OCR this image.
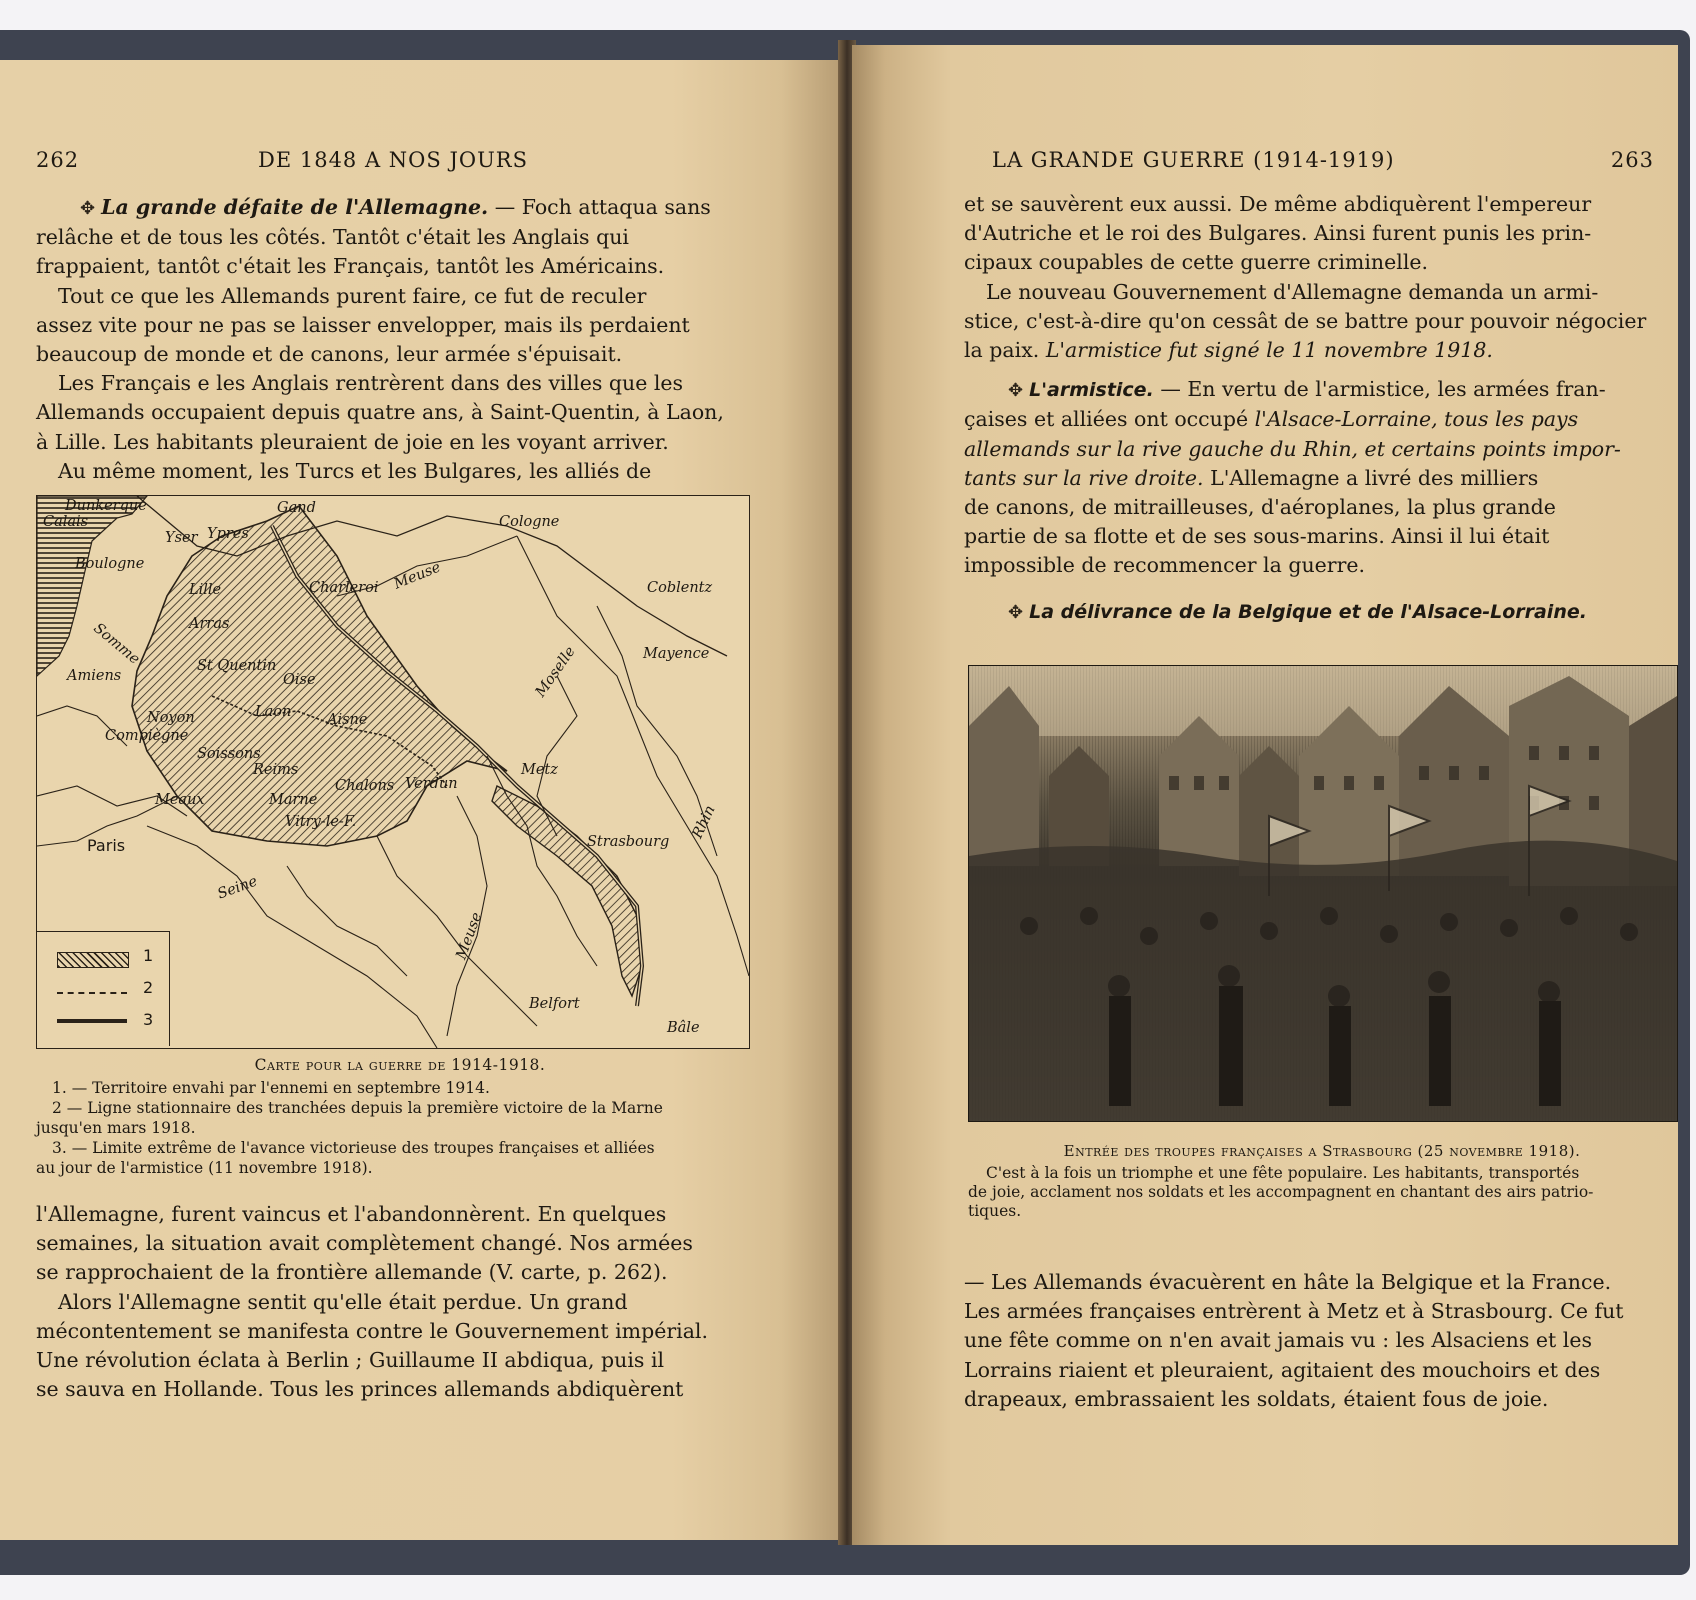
262	DE 1848 A NOS JOURS	LA GRANDE GUERRE (1914-1919)	263

✥ La grande défaite de l'Allemagne. — Foch attaqua sans

relâche et de tous les côtés. Tantôt c'était les Anglais qui

frappaient, tantôt c'était les Français, tantôt les Américains.

Tout ce que les Allemands purent faire, ce fut de reculer

assez vite pour ne pas se laisser envelopper, mais ils perdaient

beaucoup de monde et de canons, leur armée s'épuisait.

Les Français e les Anglais rentrèrent dans des villes que les

Allemands occupaient depuis quatre ans, à Saint-Quentin, à Laon,

à Lille. Les habitants pleuraient de joie en les voyant arriver.

Au même moment, les Turcs et les Bulgares, les alliés de

Dunkerque
Calais
Yser Ypres
Gand
Cologne
Boulogne
Lille	Charleroi Meuse	Coblentz
Arras
Somme	St Quentin
Oise	Moselle	Mayence
Amiens
Noyon	Laon Aisne
Compiègne
Soissons
Reims	Metz
Verdun
Meaux	Marne
Chalons
Vitry-le-F.
Paris	Strasbourg
Rhin
Seine
Meuse
Belfort
Bâle
1
2
3
Carte pour la guerre de 1914-1918.
1. — Territoire envahi par l'ennemi en septembre 1914.
2 — Ligne stationnaire des tranchées depuis la première victoire de la Marne
jusqu'en mars 1918.
3. — Limite extrême de l'avance victorieuse des troupes françaises et alliées
au jour de l'armistice (11 novembre 1918).

l'Allemagne, furent vaincus et l'abandonnèrent. En quelques

semaines, la situation avait complètement changé. Nos armées

se rapprochaient de la frontière allemande (V. carte, p. 262).

Alors l'Allemagne sentit qu'elle était perdue. Un grand

mécontentement se manifesta contre le Gouvernement impérial.

Une révolution éclata à Berlin ; Guillaume II abdiqua, puis il

se sauva en Hollande. Tous les princes allemands abdiquèrent

et se sauvèrent eux aussi. De même abdiquèrent l'empereur

d'Autriche et le roi des Bulgares. Ainsi furent punis les prin-

cipaux coupables de cette guerre criminelle.

Le nouveau Gouvernement d'Allemagne demanda un armi-

stice, c'est-à-dire qu'on cessât de se battre pour pouvoir négocier

la paix. L'armistice fut signé le 11 novembre 1918.

✥ L'armistice. — En vertu de l'armistice, les armées fran-

çaises et alliées ont occupé l'Alsace-Lorraine, tous les pays

allemands sur la rive gauche du Rhin, et certains points impor-

tants sur la rive droite. L'Allemagne a livré des milliers

de canons, de mitrailleuses, d'aéroplanes, la plus grande

partie de sa flotte et de ses sous-marins. Ainsi il lui était

impossible de recommencer la guerre.

✥ La délivrance de la Belgique et de l'Alsace-Lorraine.

Entrée des troupes françaises a Strasbourg (25 novembre 1918).
C'est à la fois un triomphe et une fête populaire. Les habitants, transportés
de joie, acclament nos soldats et les accompagnent en chantant des airs patrio-
tiques.

— Les Allemands évacuèrent en hâte la Belgique et la France.

Les armées françaises entrèrent à Metz et à Strasbourg. Ce fut

une fête comme on n'en avait jamais vu : les Alsaciens et les

Lorrains riaient et pleuraient, agitaient des mouchoirs et des

drapeaux, embrassaient les soldats, étaient fous de joie.
